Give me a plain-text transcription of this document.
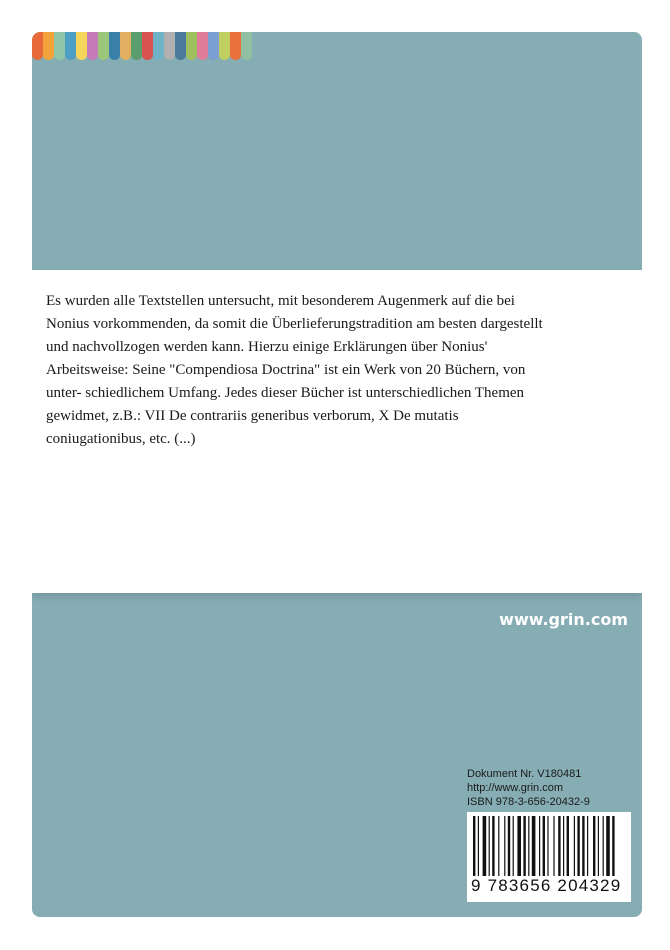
Es wurden alle Textstellen untersucht, mit besonderem Augenmerk auf die bei Nonius vorkommenden, da somit die Überlieferungstradition am besten dargestellt und nachvollzogen werden kann. Hierzu einige Erklärungen über Nonius' Arbeitsweise: Seine "Compendiosa Doctrina" ist ein Werk von 20 Büchern, von unter- schiedlichem Umfang. Jedes dieser Bücher ist unterschiedlichen Themen gewidmet, z.B.: VII De contrariis generibus verborum, X De mutatis coniugationibus, etc. (...)

www.grin.com
Dokument Nr. V180481
http://www.grin.com
ISBN 978-3-656-20432-9
9 783656 204329
